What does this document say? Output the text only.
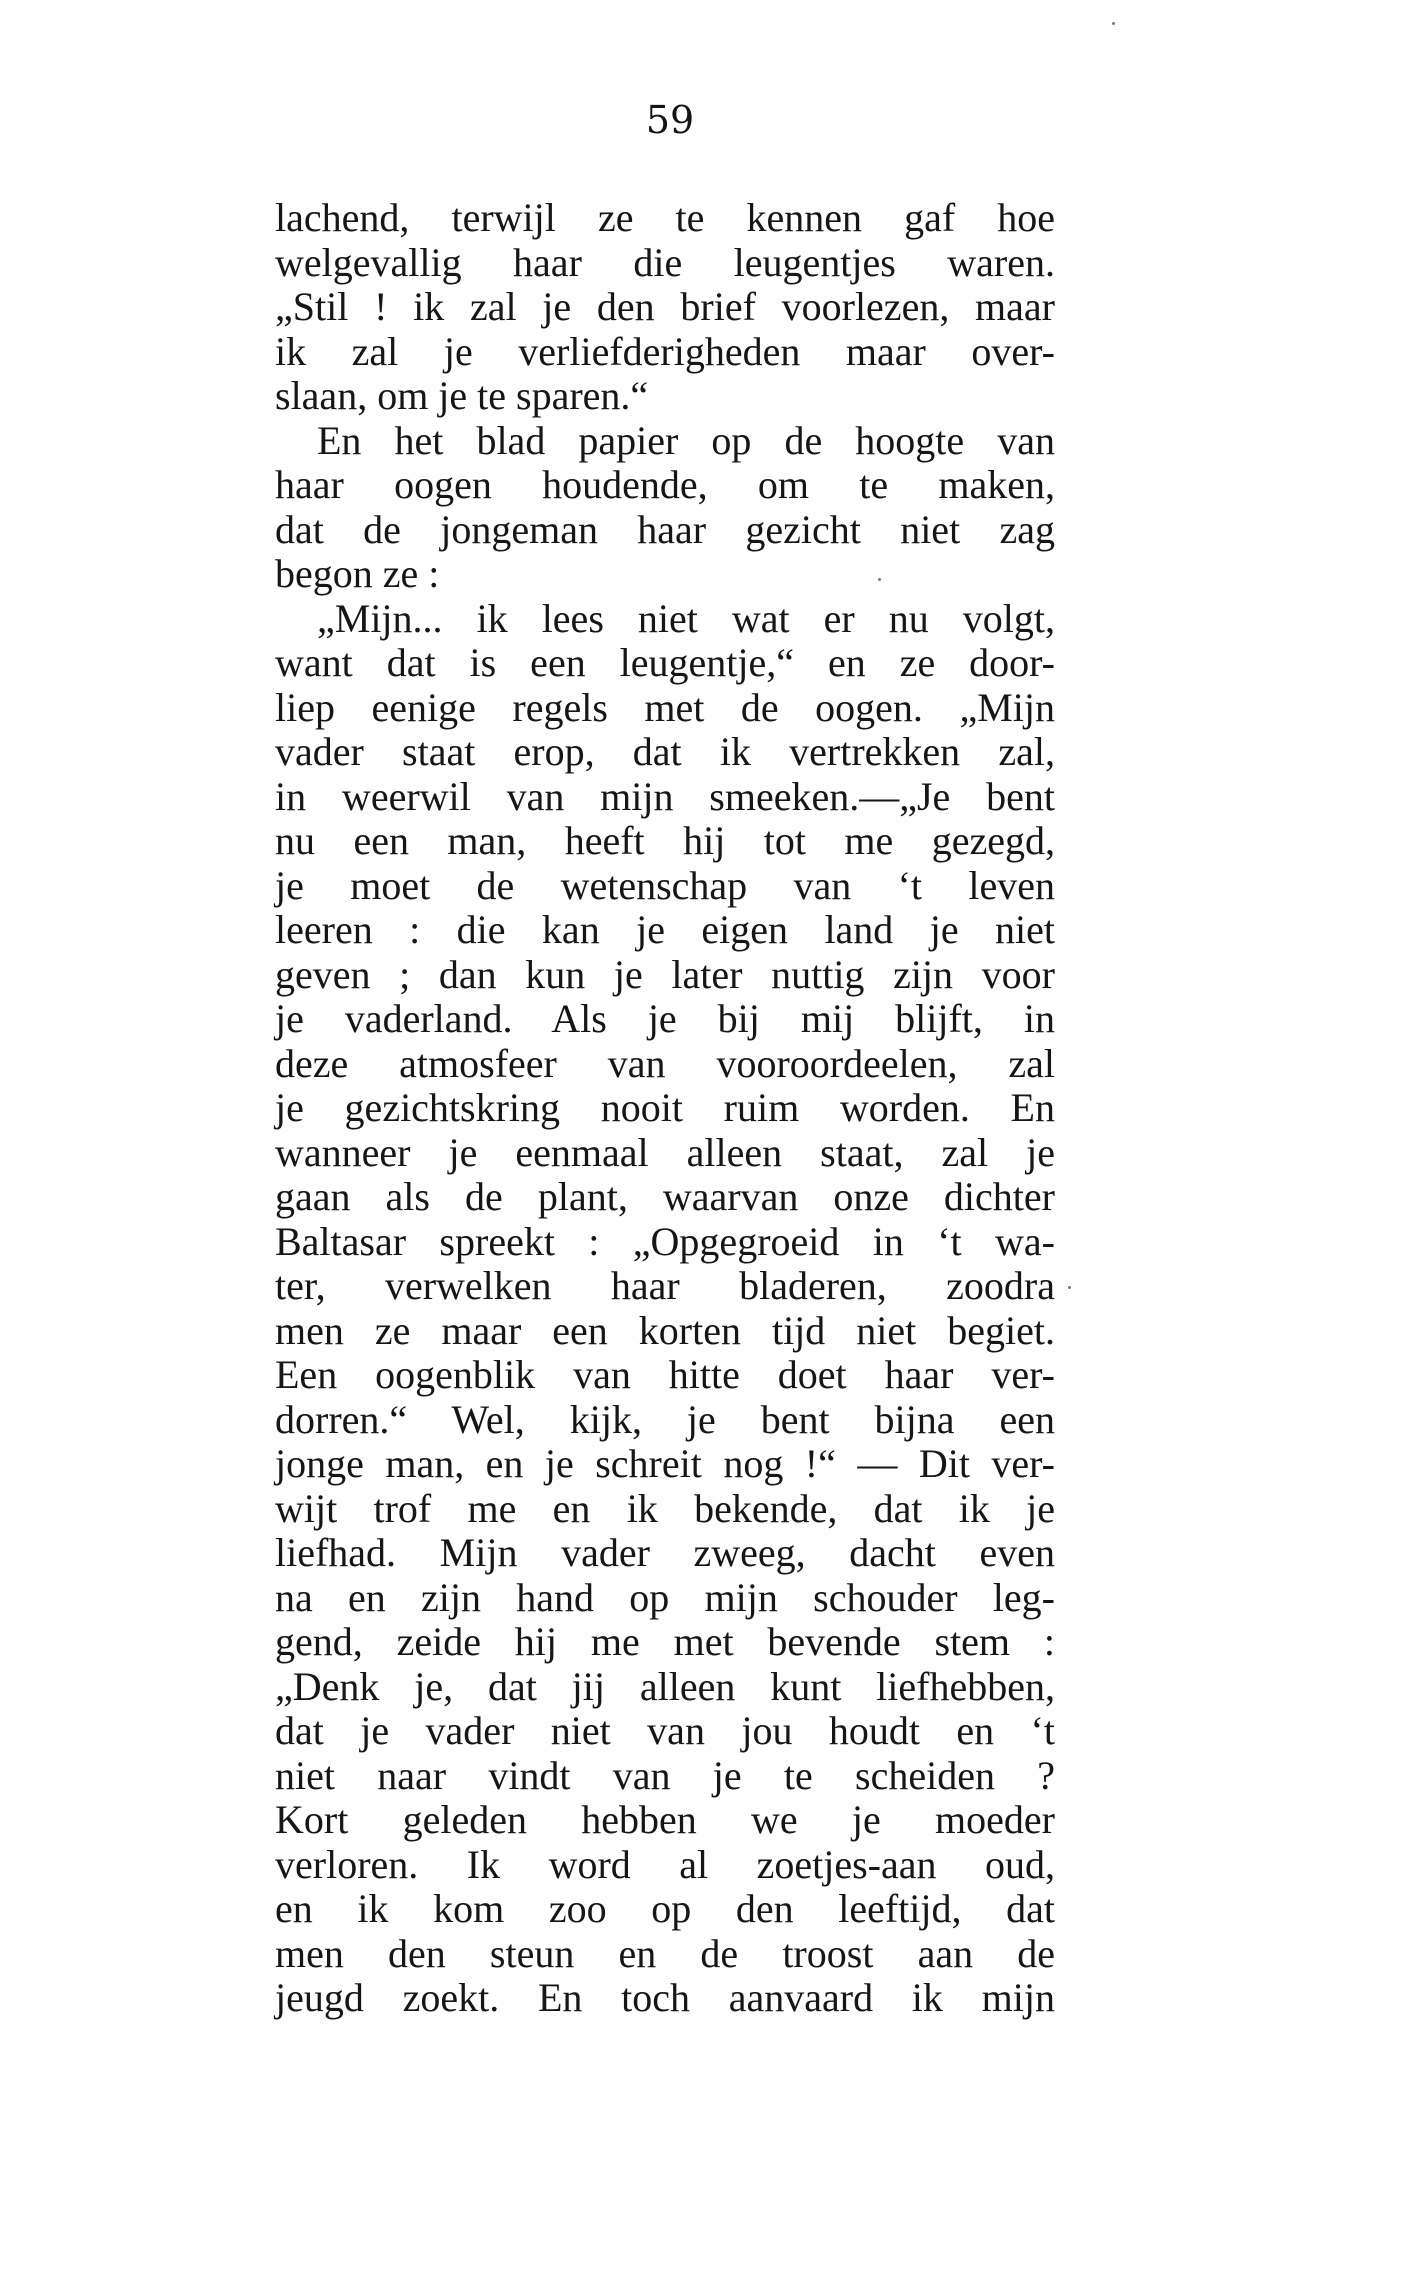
59
lachend, terwijl ze te kennen gaf hoe
welgevallig haar die leugentjes waren.
„Stil ! ik zal je den brief voorlezen, maar
ik zal je verliefderigheden maar over-
slaan, om je te sparen.“
En het blad papier op de hoogte van
haar oogen houdende, om te maken,
dat de jongeman haar gezicht niet zag
begon ze :
„Mijn... ik lees niet wat er nu volgt,
want dat is een leugentje,“ en ze door-
liep eenige regels met de oogen. „Mijn
vader staat erop, dat ik vertrekken zal,
in weerwil van mijn smeeken.—„Je bent
nu een man, heeft hij tot me gezegd,
je moet de wetenschap van ‘t leven
leeren : die kan je eigen land je niet
geven ; dan kun je later nuttig zijn voor
je vaderland. Als je bij mij blijft, in
deze atmosfeer van vooroordeelen, zal
je gezichtskring nooit ruim worden. En
wanneer je eenmaal alleen staat, zal je
gaan als de plant, waarvan onze dichter
Baltasar spreekt : „Opgegroeid in ‘t wa-
ter, verwelken haar bladeren, zoodra
men ze maar een korten tijd niet begiet.
Een oogenblik van hitte doet haar ver-
dorren.“ Wel, kijk, je bent bijna een
jonge man, en je schreit nog !“ — Dit ver-
wijt trof me en ik bekende, dat ik je
liefhad. Mijn vader zweeg, dacht even
na en zijn hand op mijn schouder leg-
gend, zeide hij me met bevende stem :
„Denk je, dat jij alleen kunt liefhebben,
dat je vader niet van jou houdt en ‘t
niet naar vindt van je te scheiden ?
Kort geleden hebben we je moeder
verloren. Ik word al zoetjes-aan oud,
en ik kom zoo op den leeftijd, dat
men den steun en de troost aan de
jeugd zoekt. En toch aanvaard ik mijn
